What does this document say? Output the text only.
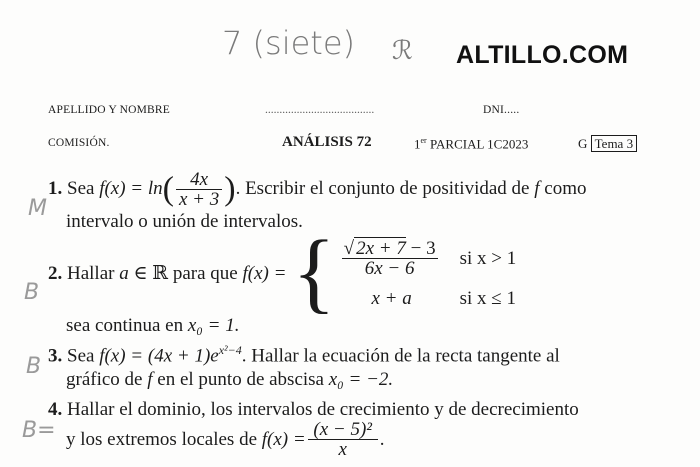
7 (siete) ℛ ALTILLO.COM
APELLIDO Y NOMBRE	......................................	DNI.....
COMISIÓN.	ANÁLISIS 72	1er PARCIAL 1C2023	G Tema 3
M
B
B
B=
1. Sea $f(x) = \ln( \frac{4x}{x + 3}$ ). Escribir el conjunto de positividad de f como
intervalo o unión de intervalos.
2.
Hallar
a
∈ ℝ para que
f(x) = { $\frac{√ 2x + 7 - 3}{6x - 6}$ si x > 1
x + a	si x ≤ 1
sea continua en x₀ = 1.
3. Sea $f(x) = (4x + 1)e^{x^2-4}$. Hallar la ecuación de la recta tangente al
gráfico de f en el punto de abscisa x₀ = −2.
4. Hallar el dominio, los intervalos de crecimiento y de decrecimiento
y los extremos locales de
$f(x) = \frac{\text{(x − 5)²}}{x}$ .
